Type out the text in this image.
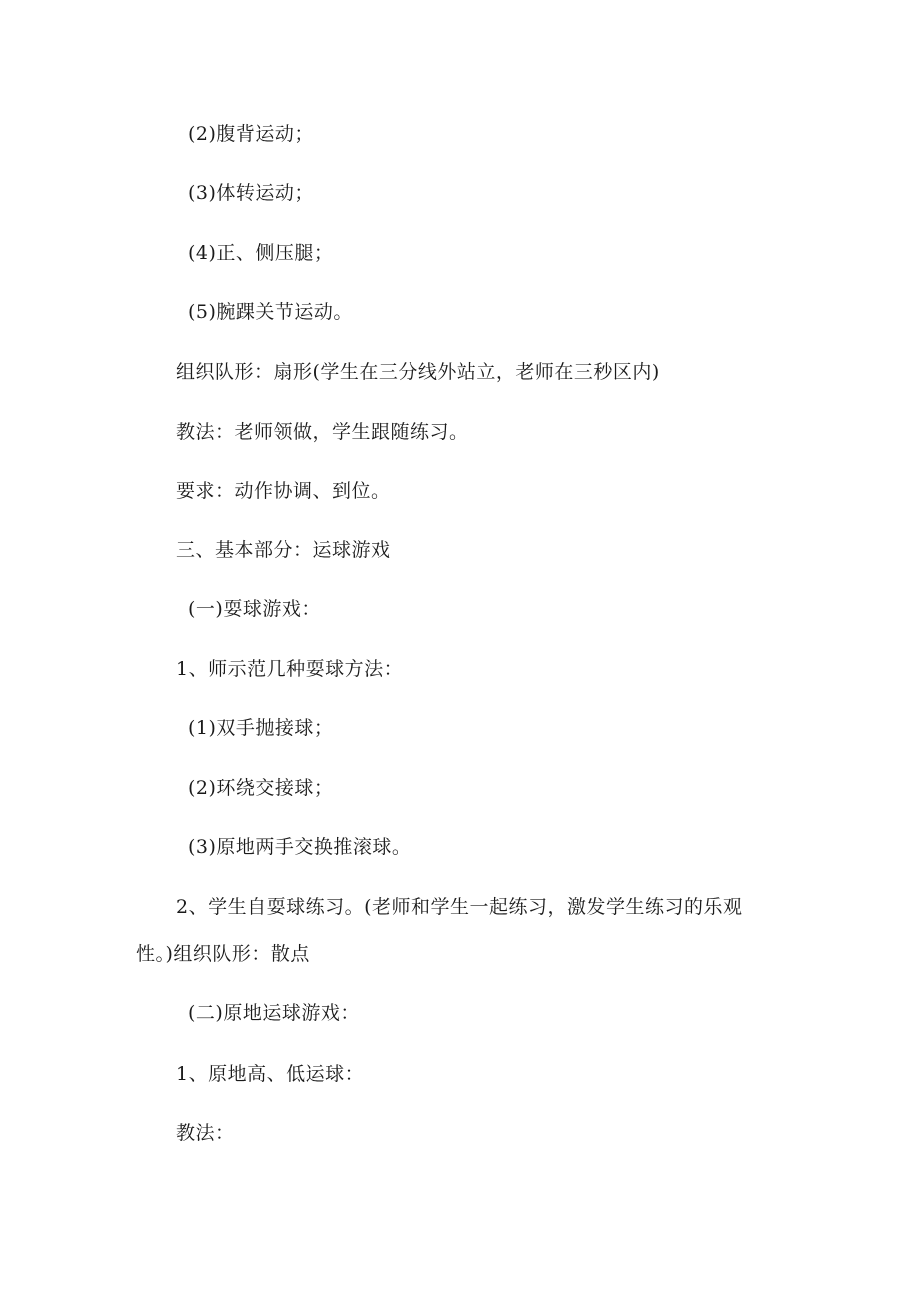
(2)腹背运动；
(3)体转运动；
(4)正、侧压腿；
(5)腕踝关节运动。
组织队形：扇形(学生在三分线外站立，老师在三秒区内)
教法：老师领做，学生跟随练习。
要求：动作协调、到位。
三、基本部分：运球游戏
(一)耍球游戏：
1、师示范几种耍球方法：
(1)双手抛接球；
(2)环绕交接球；
(3)原地两手交换推滚球。
2、学生自耍球练习。(老师和学生一起练习，激发学生练习的乐观
性。)组织队形：散点
(二)原地运球游戏：
1、原地高、低运球：
教法：
